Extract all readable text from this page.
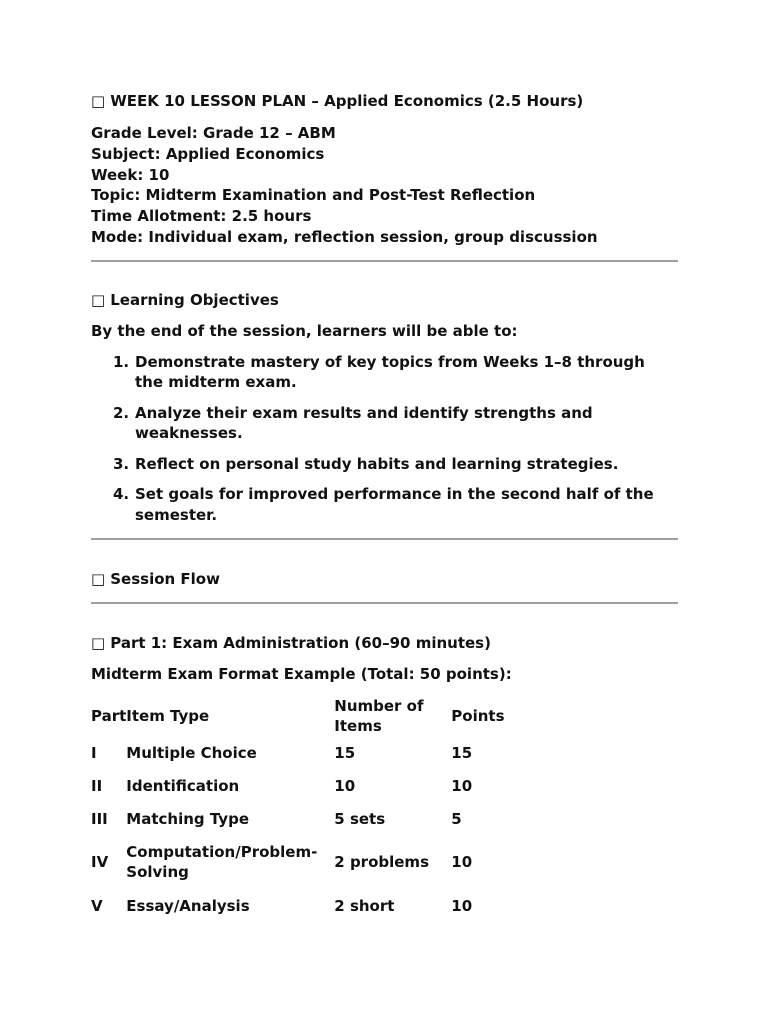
□ WEEK 10 LESSON PLAN – Applied Economics (2.5 Hours)

Grade Level: Grade 12 – ABM
Subject: Applied Economics
Week: 10
Topic: Midterm Examination and Post-Test Reflection
Time Allotment: 2.5 hours
Mode: Individual exam, reflection session, group discussion

□ Learning Objectives

By the end of the session, learners will be able to:

1. Demonstrate mastery of key topics from Weeks 1–8 through the midterm exam.
2. Analyze their exam results and identify strengths and weaknesses.
3. Reflect on personal study habits and learning strategies.
4. Set goals for improved performance in the second half of the semester.

□ Session Flow

□ Part 1: Exam Administration (60–90 minutes)

Midterm Exam Format Example (Total: 50 points):

Part	Item Type	Number of Items	Points
I	Multiple Choice	15	15
II	Identification	10	10
III	Matching Type	5 sets	5
IV	Computation/Problem-Solving	2 problems	10
V	Essay/Analysis	2 short	10
